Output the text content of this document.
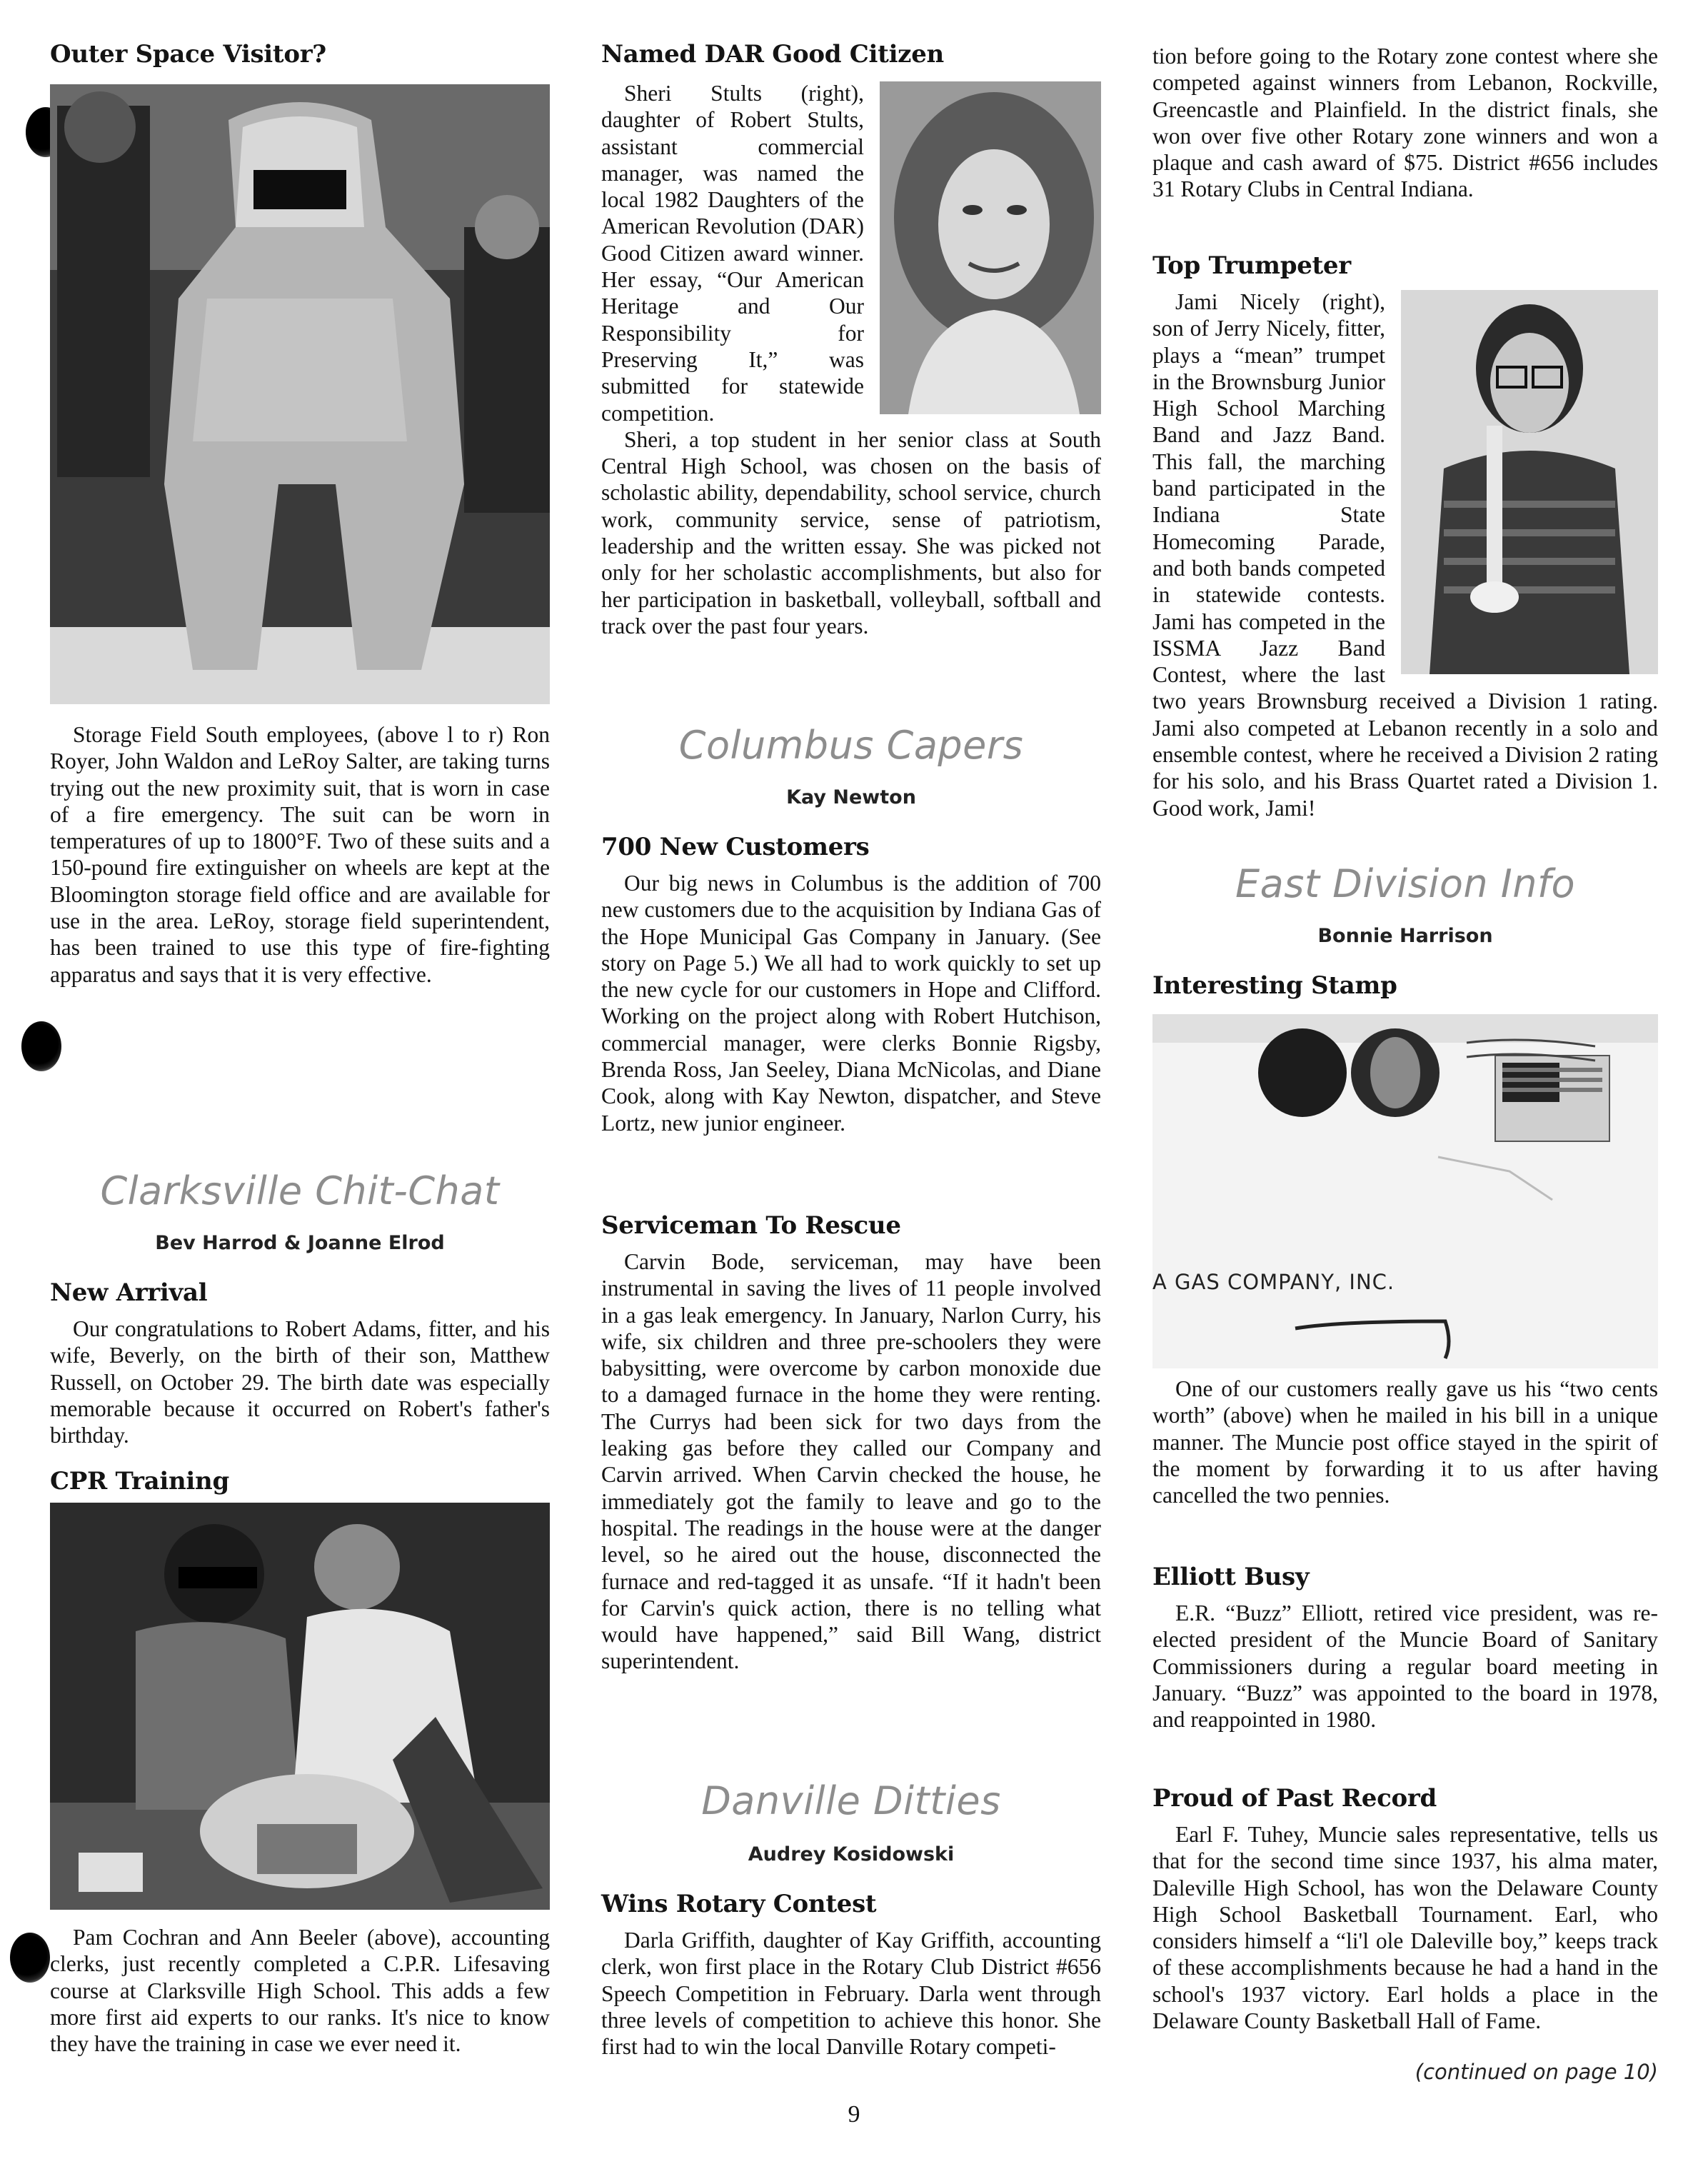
Outer Space Visitor?

Storage Field South employees, (above l to r) Ron Royer, John Waldon and LeRoy Salter, are taking turns trying out the new proximity suit, that is worn in case of a fire emergency. The suit can be worn in temperatures of up to 1800°F. Two of these suits and a 150-pound fire extinguisher on wheels are kept at the Bloomington storage field office and are available for use in the area. LeRoy, storage field superintendent, has been trained to use this type of fire-fighting apparatus and says that it is very effective.

Clarksville Chit-Chat
Bev Harrod & Joanne Elrod
New Arrival

Our congratulations to Robert Adams, fitter, and his wife, Beverly, on the birth of their son, Matthew Russell, on October 29. The birth date was especially memorable because it occurred on Robert's father's birthday.

CPR Training

Pam Cochran and Ann Beeler (above), accounting clerks, just recently completed a C.P.R. Lifesaving course at Clarksville High School. This adds a few more first aid experts to our ranks. It's nice to know they have the training in case we ever need it.

Named DAR Good Citizen

Sheri Stults (right), daughter of Robert Stults, assistant commercial manager, was named the local 1982 Daughters of the American Revolution (DAR) Good Citizen award winner. Her essay, “Our American Heritage and Our Responsibility for Preserving It,” was submitted for statewide competition.

Sheri, a top student in her senior class at South Central High School, was chosen on the basis of scholastic ability, dependability, school service, church work, community service, sense of patriotism, leadership and the written essay. She was picked not only for her scholastic accomplishments, but also for her participation in basketball, volleyball, softball and track over the past four years.

Columbus Capers
Kay Newton
700 New Customers

Our big news in Columbus is the addition of 700 new customers due to the acquisition by Indiana Gas of the Hope Municipal Gas Company in January. (See story on Page 5.) We all had to work quickly to set up the new cycle for our customers in Hope and Clifford. Working on the project along with Robert Hutchison, commercial manager, were clerks Bonnie Rigsby, Brenda Ross, Jan Seeley, Diana McNicolas, and Diane Cook, along with Kay Newton, dispatcher, and Steve Lortz, new junior engineer.

Serviceman To Rescue

Carvin Bode, serviceman, may have been instrumental in saving the lives of 11 people involved in a gas leak emergency. In January, Narlon Curry, his wife, six children and three pre-schoolers they were babysitting, were overcome by carbon monoxide due to a damaged furnace in the home they were renting. The Currys had been sick for two days from the leaking gas before they called our Company and Carvin arrived. When Carvin checked the house, he immediately got the family to leave and go to the hospital. The readings in the house were at the danger level, so he aired out the house, disconnected the furnace and red-tagged it as unsafe. “If it hadn't been for Carvin's quick action, there is no telling what would have happened,” said Bill Wang, district superintendent.

Danville Ditties
Audrey Kosidowski
Wins Rotary Contest

Darla Griffith, daughter of Kay Griffith, accounting clerk, won first place in the Rotary Club District #656 Speech Competition in February. Darla went through three levels of competition to achieve this honor. She first had to win the local Danville Rotary competi-

tion before going to the Rotary zone contest where she competed against winners from Lebanon, Rockville, Greencastle and Plainfield. In the district finals, she won over five other Rotary zone winners and won a plaque and cash award of $75. District #656 includes 31 Rotary Clubs in Central Indiana.
Top Trumpeter

Jami Nicely (right), son of Jerry Nicely, fitter, plays a “mean” trumpet in the Brownsburg Junior High School Marching Band and Jazz Band. This fall, the marching band participated in the Indiana State Homecoming Parade, and both bands competed in statewide contests. Jami has competed in the ISSMA Jazz Band Contest, where the last two years Brownsburg received a Division 1 rating. Jami also competed at Lebanon recently in a solo and ensemble contest, where he received a Division 2 rating for his solo, and his Brass Quartet rated a Division 1. Good work, Jami!

East Division Info
Bonnie Harrison
Interesting Stamp
A GAS COMPANY, INC.

One of our customers really gave us his “two cents worth” (above) when he mailed in his bill in a unique manner. The Muncie post office stayed in the spirit of the moment by forwarding it to us after having cancelled the two pennies.

Elliott Busy

E.R. “Buzz” Elliott, retired vice president, was re-elected president of the Muncie Board of Sanitary Commissioners during a regular board meeting in January. “Buzz” was appointed to the board in 1978, and reappointed in 1980.

Proud of Past Record

Earl F. Tuhey, Muncie sales representative, tells us that for the second time since 1937, his alma mater, Daleville High School, has won the Delaware County High School Basketball Tournament. Earl, who considers himself a “li'l ole Daleville boy,” keeps track of these accomplishments because he had a hand in the school's 1937 victory. Earl holds a place in the Delaware County Basketball Hall of Fame.

(continued on page 10)
9
